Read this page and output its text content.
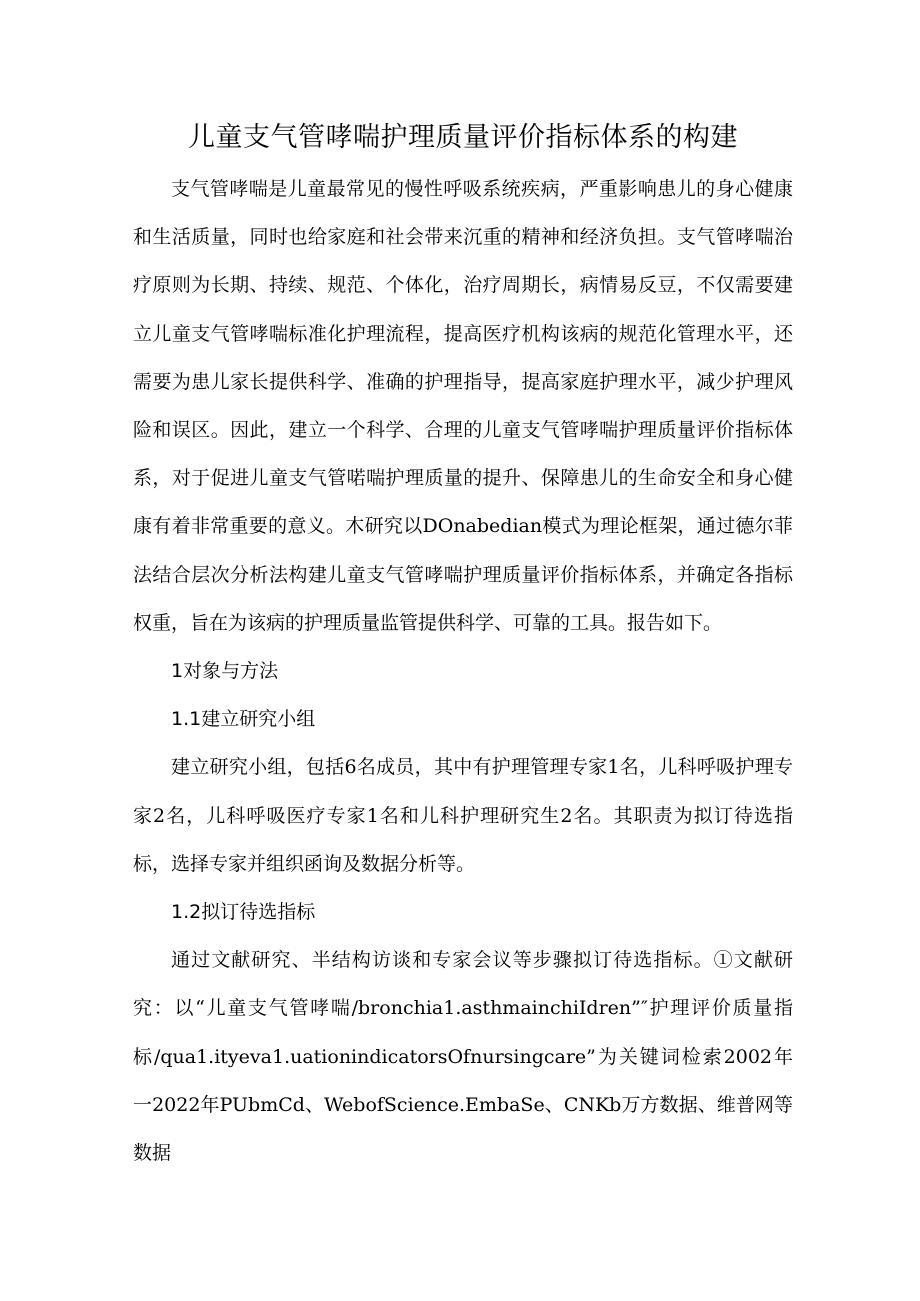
儿童支气管哮喘护理质量评价指标体系的构建

支气管哮喘是儿童最常见的慢性呼吸系统疾病，严重影响患儿的身心健康和生活质量，同时也给家庭和社会带来沉重的精神和经济负担。支气管哮喘治疗原则为长期、持续、规范、个体化，治疗周期长，病情易反豆，不仅需要建立儿童支气管哮喘标准化护理流程，提高医疗机构该病的规范化管理水平，还需要为患儿家长提供科学、准确的护理指导，提高家庭护理水平，减少护理风险和误区。因此，建立一个科学、合理的儿童支气管哮喘护理质量评价指标体系，对于促进儿童支气管喏喘护理质量的提升、保障患儿的生命安全和身心健康有着非常重要的意义。木研究以DOnabedian模式为理论框架，通过德尔菲法结合层次分析法构建儿童支气管哮喘护理质量评价指标体系，并确定各指标权重，旨在为该病的护理质量监管提供科学、可靠的工具。报告如下。

1对象与方法

1.1建立研究小组

建立研究小组，包括6名成员，其中有护理管理专家1名，儿科呼吸护理专家2名，儿科呼吸医疗专家1名和儿科护理研究生2名。其职责为拟订待选指标，选择专家并组织函询及数据分析等。

1.2拟订待选指标

通过文献研究、半结构访谈和专家会议等步骤拟订待选指标。①文献研究：以“儿童支气管哮喘/bronchia1.asthmainchiIdren”″护理评价质量指标/qua1.ityeva1.uationindicatorsOfnursingcare”为关键词检索2002年一2022年PUbmCd、WebofScience.EmbaSe、CNKb万方数据、维普网等数据
